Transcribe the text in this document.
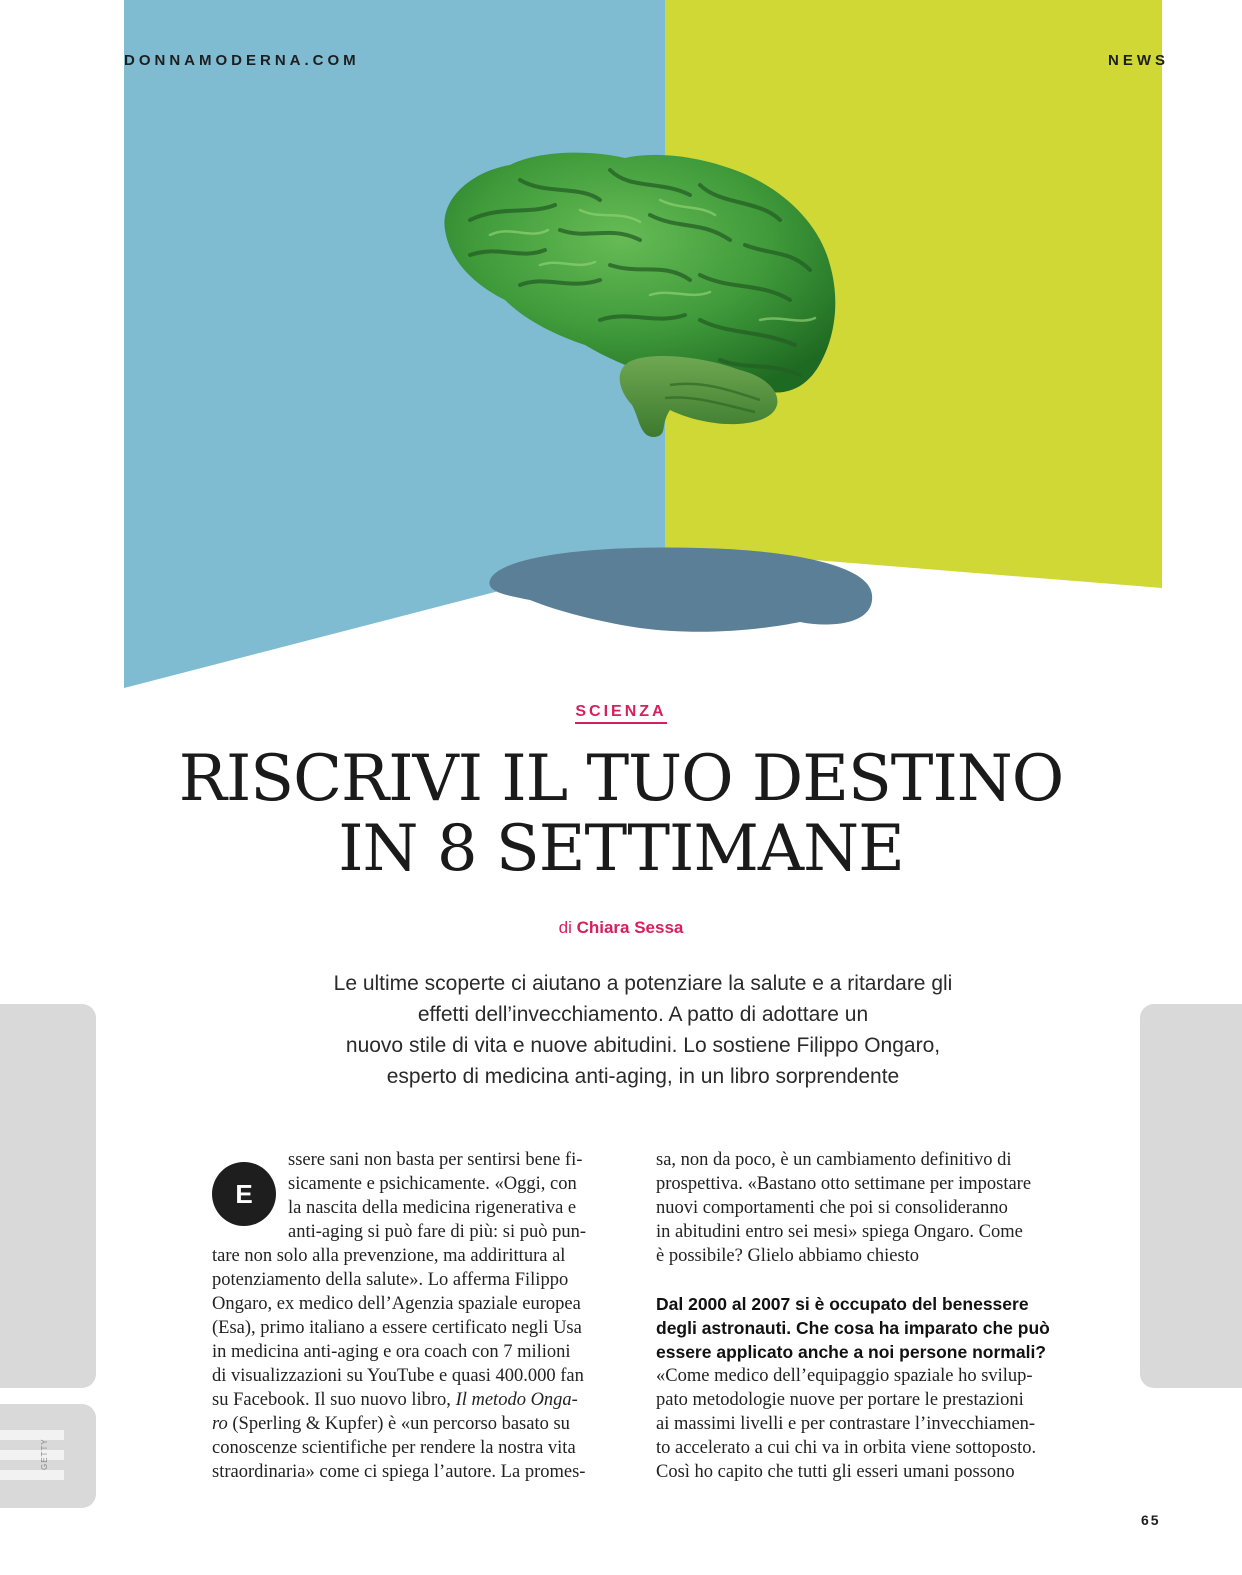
DONNAMODERNA.COM	NEWS
SCIENZA
RISCRIVI IL TUO DESTINO
IN 8 SETTIMANE
di Chiara Sessa
Le ultime scoperte ci aiutano a potenziare la salute e a ritardare gli
effetti dell’invecchiamento. A patto di adottare un
nuovo stile di vita e nuove abitudini. Lo sostiene Filippo Ongaro,
esperto di medicina anti-aging, in un libro sorprendente
E
ssere sani non basta per sentirsi bene fi-
sicamente e psichicamente. «Oggi, con
la nascita della medicina rigenerativa e
anti-aging si può fare di più: si può pun-
tare non solo alla prevenzione, ma addirittura al
potenziamento della salute». Lo afferma Filippo
Ongaro, ex medico dell’Agenzia spaziale europea
(Esa), primo italiano a essere certificato negli Usa
in medicina anti-aging e ora coach con 7 milioni
di visualizzazioni su YouTube e quasi 400.000 fan
su Facebook. Il suo nuovo libro, Il metodo Onga-
ro (Sperling & Kupfer) è «un percorso basato su
conoscenze scientifiche per rendere la nostra vita
straordinaria» come ci spiega l’autore. La promes-
sa, non da poco, è un cambiamento definitivo di
prospettiva. «Bastano otto settimane per impostare
nuovi comportamenti che poi si consolideranno
in abitudini entro sei mesi» spiega Ongaro. Come
è possibile? Glielo abbiamo chiesto
Dal 2000 al 2007 si è occupato del benessere
degli astronauti. Che cosa ha imparato che può
essere applicato anche a noi persone normali?
«Come medico dell’equipaggio spaziale ho svilup-
pato metodologie nuove per portare le prestazioni
ai massimi livelli e per contrastare l’invecchiamen-
to accelerato a cui chi va in orbita viene sottoposto.
Così ho capito che tutti gli esseri umani possono
GETTY
65
